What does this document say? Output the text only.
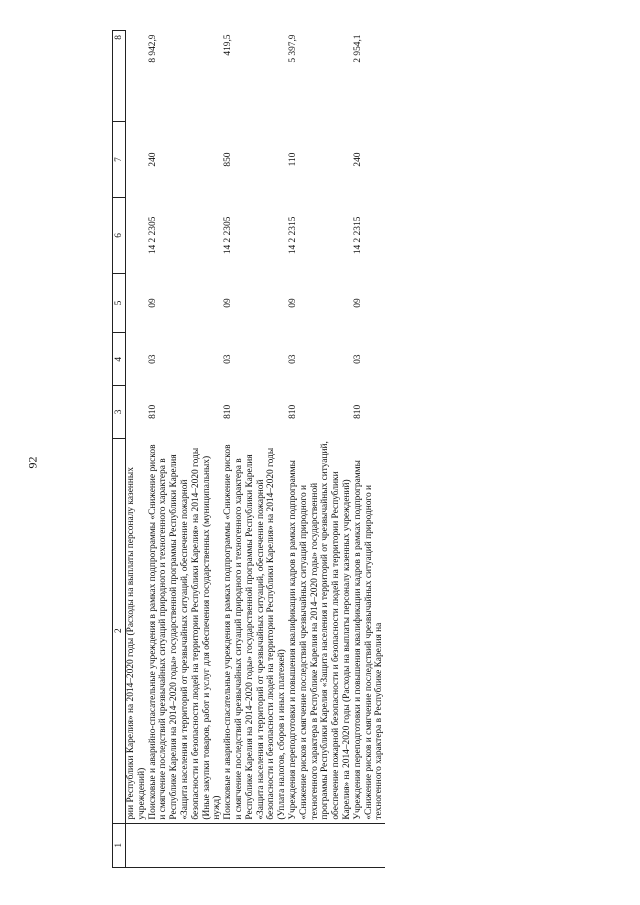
92
1	2	3	4	5	6	7	8
	рии Республики Карелия» на 2014–2020 годы (Расходы на выплаты персоналу казенных учреждений)						
	Поисковые и аварийно-спасательные учреждения в рамках подпрограммы «Снижение рисков и смягчение последствий чрезвычайных ситуаций природного и техногенного характера в Республике Карелия на 2014–2020 годы» государственной программы Республики Карелия «Защита населения и территорий от чрезвычайных ситуаций, обеспечение пожарной безопасности и безопасности людей на территории Республики Карелия» на 2014–2020 годы (Иные закупки товаров, работ и услуг для обеспечения государственных (муниципальных) нужд)	810	03	09	14 2 2305	240	8 942,9
	Поисковые и аварийно-спасательные учреждения в рамках подпрограммы «Снижение рисков и смягчение последствий чрезвычайных ситуаций природного и техногенного характера в Республике Карелия на 2014–2020 годы» государственной программы Республики Карелия «Защита населения и территорий от чрезвычайных ситуаций, обеспечение пожарной безопасности и безопасности людей на территории Республики Карелия» на 2014–2020 годы (Уплата налогов, сборов и иных платежей)	810	03	09	14 2 2305	850	419,5
	Учреждения переподготовки и повышения квалификации кадров в рамках подпрограммы «Снижение рисков и смягчение последствий чрезвычайных ситуаций природного и техногенного характера в Республике Карелия на 2014–2020 годы» государственной программы Республики Карелия «Защита населения и территорий от чрезвычайных ситуаций, обеспечение пожарной безопасности и безопасности людей на территории Республики Карелия» на 2014–2020 годы (Расходы на выплаты персоналу казенных учреждений)	810	03	09	14 2 2315	110	5 397,9
	Учреждения переподготовки и повышения квалификации кадров в рамках подпрограммы «Снижение рисков и смягчение последствий чрезвычайных ситуаций природного и техногенного характера в Республике Карелия на	810	03	09	14 2 2315	240	2 954,1
